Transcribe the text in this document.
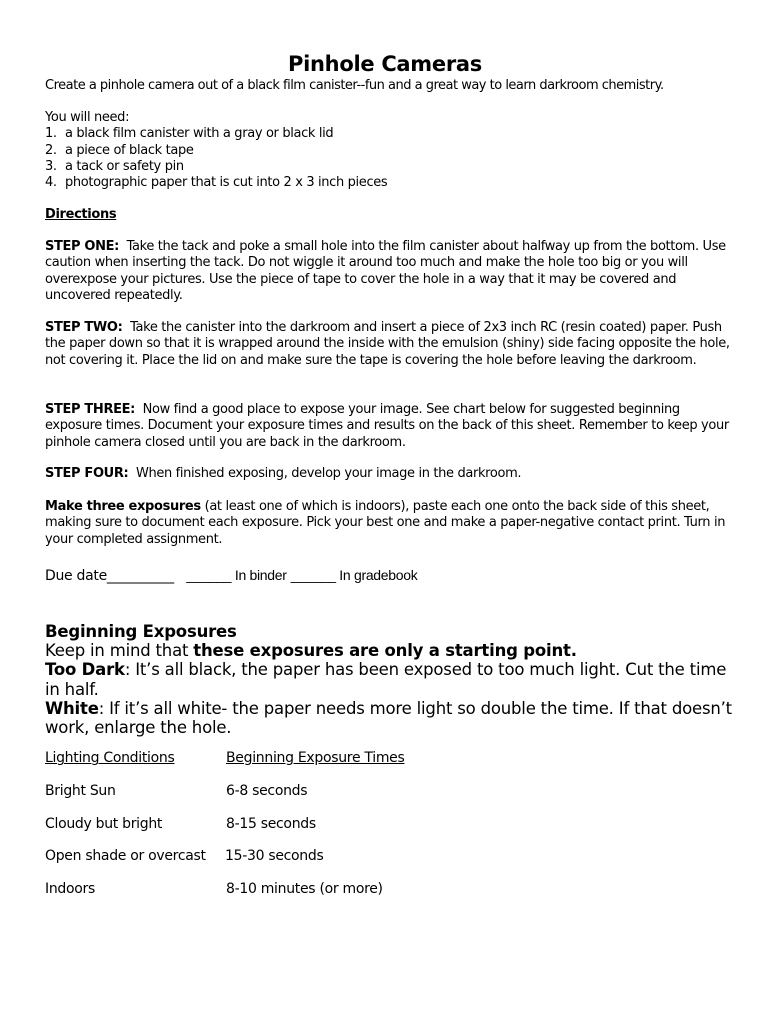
Pinhole Cameras
Create a pinhole camera out of a black film canister--fun and a great way to learn darkroom chemistry.
You will need:
1. a black film canister with a gray or black lid
2. a piece of black tape
3. a tack or safety pin
4. photographic paper that is cut into 2 x 3 inch pieces
Directions
STEP ONE: Take the tack and poke a small hole into the film canister about halfway up from the bottom. Use caution when inserting the tack. Do not wiggle it around too much and make the hole too big or you will overexpose your pictures. Use the piece of tape to cover the hole in a way that it may be covered and uncovered repeatedly.
STEP TWO: Take the canister into the darkroom and insert a piece of 2x3 inch RC (resin coated) paper. Push the paper down so that it is wrapped around the inside with the emulsion (shiny) side facing opposite the hole, not covering it. Place the lid on and make sure the tape is covering the hole before leaving the darkroom.
STEP THREE: Now find a good place to expose your image. See chart below for suggested beginning exposure times. Document your exposure times and results on the back of this sheet. Remember to keep your pinhole camera closed until you are back in the darkroom.
STEP FOUR: When finished exposing, develop your image in the darkroom.
Make three exposures (at least one of which is indoors), paste each one onto the back side of this sheet, making sure to document each exposure. Pick your best one and make a paper-negative contact print. Turn in your completed assignment.
Due date__________ ______ In binder ______ In gradebook
Beginning Exposures
Keep in mind that these exposures are only a starting point.
Too Dark: It’s all black, the paper has been exposed to too much light. Cut the time in half.
White: If it’s all white- the paper needs more light so double the time. If that doesn’t work, enlarge the hole.
Lighting Conditions	Beginning Exposure Times
Bright Sun	6-8 seconds
Cloudy but bright	8-15 seconds
Open shade or overcast 15-30 seconds
Indoors	8-10 minutes (or more)
